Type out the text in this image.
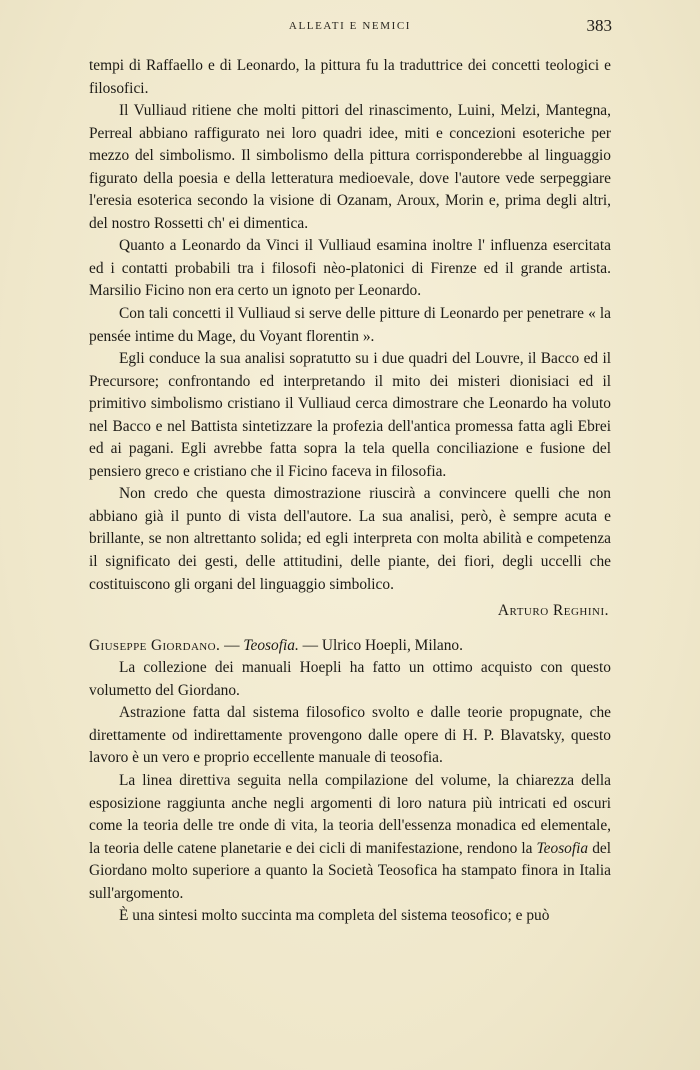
ALLEATI E NEMICI	383

tempi di Raffaello e di Leonardo, la pittura fu la traduttrice dei concetti teologici e filosofici.

Il Vulliaud ritiene che molti pittori del rinascimento, Luini, Melzi, Mantegna, Perreal abbiano raffigurato nei loro quadri idee, miti e concezioni esoteriche per mezzo del simbolismo. Il simbolismo della pittura corrisponderebbe al linguaggio figurato della poesia e della letteratura medioevale, dove l'autore vede serpeggiare l'eresia esoterica secondo la visione di Ozanam, Aroux, Morin e, prima degli altri, del nostro Rossetti ch' ei dimentica.

Quanto a Leonardo da Vinci il Vulliaud esamina inoltre l' influenza esercitata ed i contatti probabili tra i filosofi nèo-platonici di Firenze ed il grande artista. Marsilio Ficino non era certo un ignoto per Leonardo.

Con tali concetti il Vulliaud si serve delle pitture di Leonardo per penetrare « la pensée intime du Mage, du Voyant florentin ».

Egli conduce la sua analisi sopratutto su i due quadri del Louvre, il Bacco ed il Precursore; confrontando ed interpretando il mito dei misteri dionisiaci ed il primitivo simbolismo cristiano il Vulliaud cerca dimostrare che Leonardo ha voluto nel Bacco e nel Battista sintetizzare la profezia dell'antica promessa fatta agli Ebrei ed ai pagani. Egli avrebbe fatta sopra la tela quella conciliazione e fusione del pensiero greco e cristiano che il Ficino faceva in filosofia.

Non credo che questa dimostrazione riuscirà a convincere quelli che non abbiano già il punto di vista dell'autore. La sua analisi, però, è sempre acuta e brillante, se non altrettanto solida; ed egli interpreta con molta abilità e competenza il significato dei gesti, delle attitudini, delle piante, dei fiori, degli uccelli che costituiscono gli organi del linguaggio simbolico.

Arturo Reghini.

Giuseppe Giordano. — Teosofia. — Ulrico Hoepli, Milano.

La collezione dei manuali Hoepli ha fatto un ottimo acquisto con questo volumetto del Giordano.

Astrazione fatta dal sistema filosofico svolto e dalle teorie propugnate, che direttamente od indirettamente provengono dalle opere di H. P. Blavatsky, questo lavoro è un vero e proprio eccellente manuale di teosofia.

La linea direttiva seguita nella compilazione del volume, la chiarezza della esposizione raggiunta anche negli argomenti di loro natura più intricati ed oscuri come la teoria delle tre onde di vita, la teoria dell'essenza monadica ed elementale, la teoria delle catene planetarie e dei cicli di manifestazione, rendono la Teosofia del Giordano molto superiore a quanto la Società Teosofica ha stampato finora in Italia sull'argomento.

È una sintesi molto succinta ma completa del sistema teosofico; e può
